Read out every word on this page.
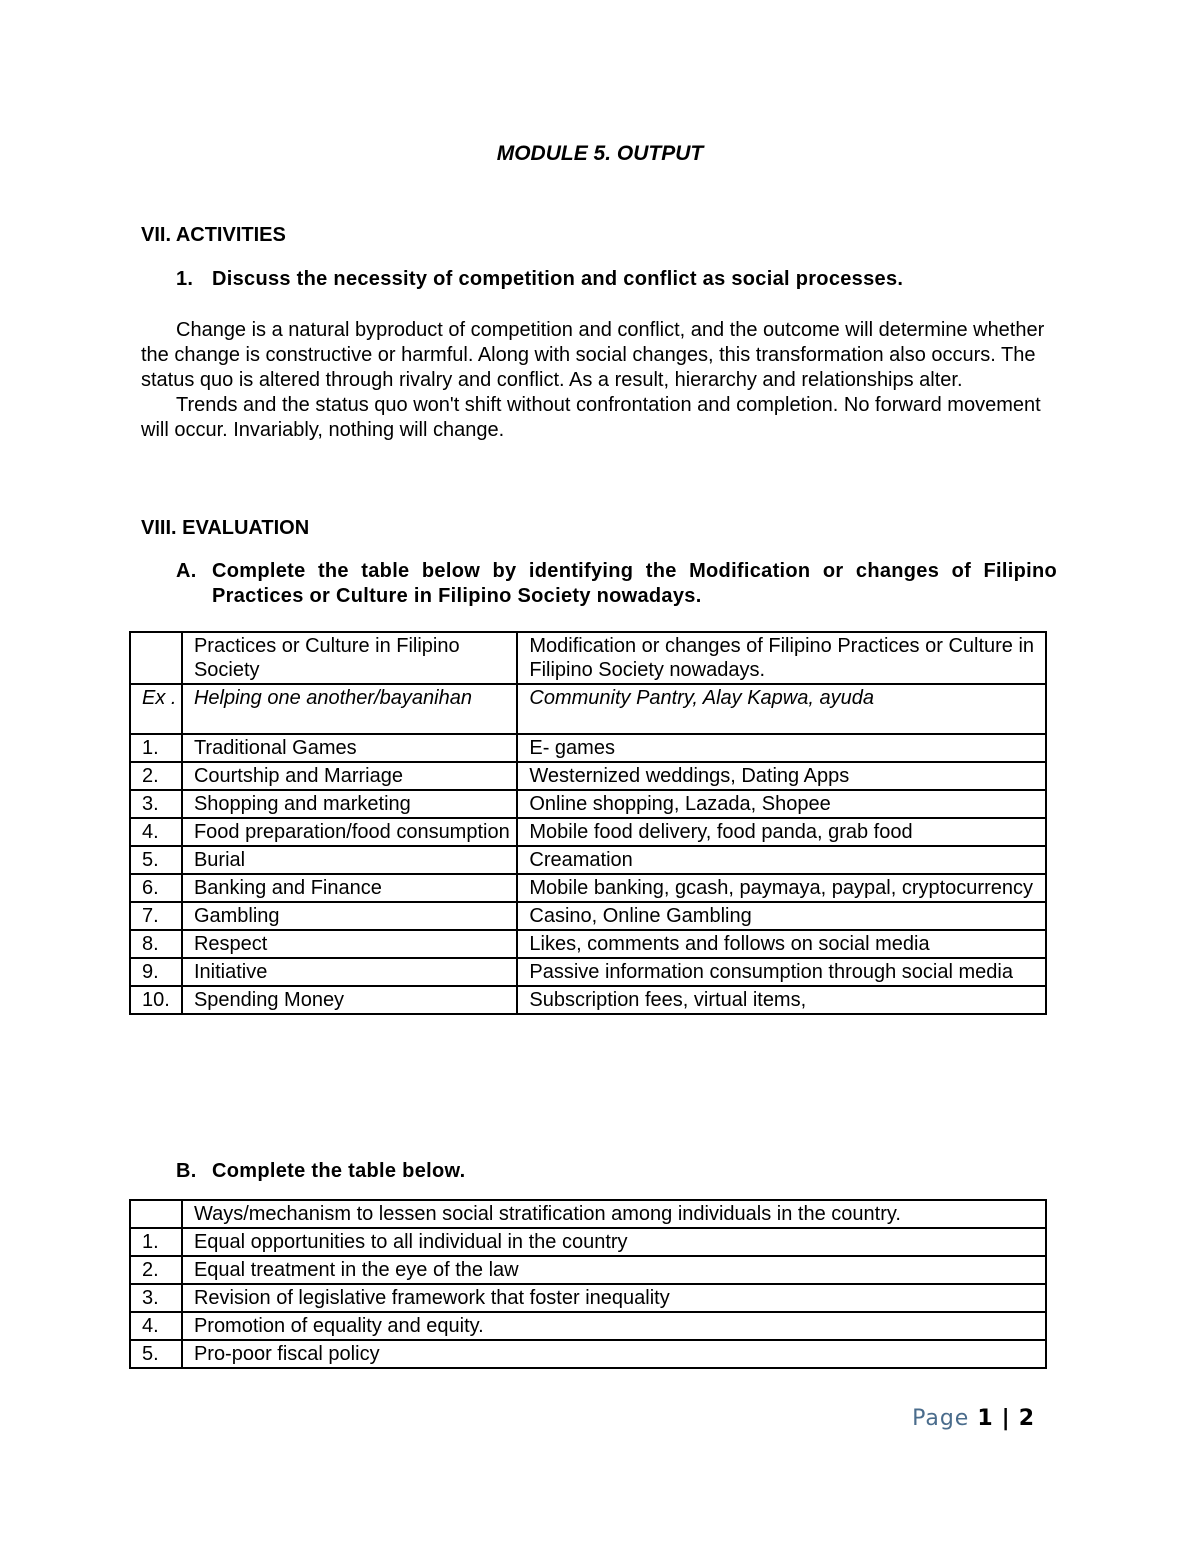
MODULE 5. OUTPUT
VII. ACTIVITIES
1. Discuss the necessity of competition and conflict as social processes.

Change is a natural byproduct of competition and conflict, and the outcome will determine whether the change is constructive or harmful. Along with social changes, this transformation also occurs. The status quo is altered through rivalry and conflict. As a result, hierarchy and relationships alter.

Trends and the status quo won't shift without confrontation and completion. No forward movement will occur. Invariably, nothing will change.

VIII. EVALUATION
A. Complete the table below by identifying the Modification or changes of Filipino
Practices or Culture in Filipino Society nowadays.
	Practices or Culture in Filipino Society	Modification or changes of Filipino Practices or Culture in Filipino Society nowadays.
Ex .	Helping one another/bayanihan	Community Pantry, Alay Kapwa, ayuda
1.	Traditional Games	E- games
2.	Courtship and Marriage	Westernized weddings, Dating Apps
3.	Shopping and marketing	Online shopping, Lazada, Shopee
4.	Food preparation/food consumption	Mobile food delivery, food panda, grab food
5.	Burial	Creamation
6.	Banking and Finance	Mobile banking, gcash, paymaya, paypal, cryptocurrency
7.	Gambling	Casino, Online Gambling
8.	Respect	Likes, comments and follows on social media
9.	Initiative	Passive information consumption through social media
10.	Spending Money	Subscription fees, virtual items,
B. Complete the table below.
	Ways/mechanism to lessen social stratification among individuals in the country.
1.	Equal opportunities to all individual in the country
2.	Equal treatment in the eye of the law
3.	Revision of legislative framework that foster inequality
4.	Promotion of equality and equity.
5.	Pro-poor fiscal policy
Page 1 | 2
